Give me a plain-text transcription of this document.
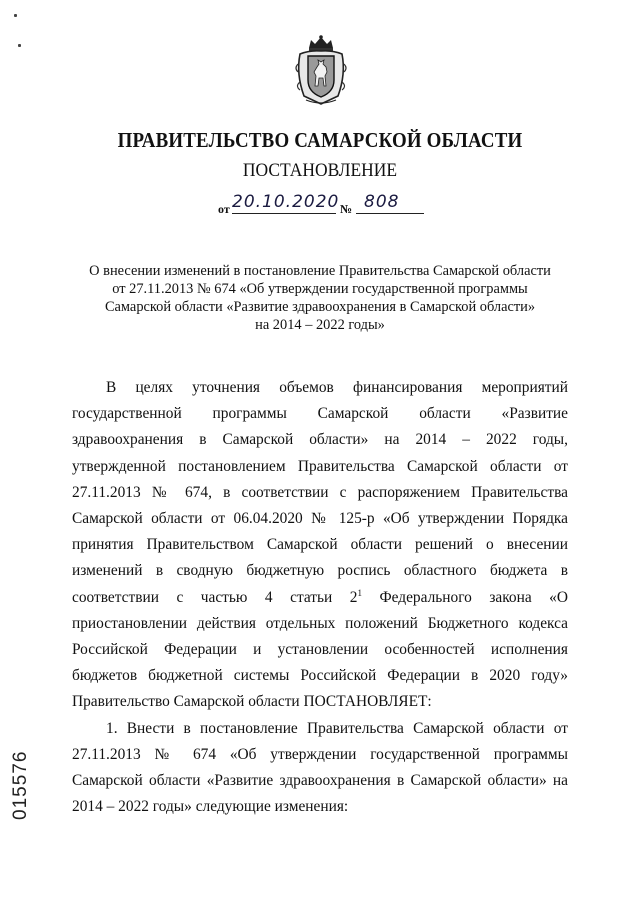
ПРАВИТЕЛЬСТВО САМАРСКОЙ ОБЛАСТИ
ПОСТАНОВЛЕНИЕ
от 20.10.2020 № 808
О внесении изменений в постановление Правительства Самарской области
от 27.11.2013 № 674 «Об утверждении государственной программы
Самарской области «Развитие здравоохранения в Самарской области»
на 2014 – 2022 годы»

В целях уточнения объемов финансирования мероприятий государственной программы Самарской области «Развитие здравоохранения в Самарской области» на 2014 – 2022 годы, утвержденной постановлением Правительства Самарской области от 27.11.2013 № 674, в соответствии с распоряжением Правительства Самарской области от 06.04.2020 № 125-р «Об утверждении Порядка принятия Правительством Самарской области решений о внесении изменений в сводную бюджетную роспись областного бюджета в соответствии с частью 4 статьи $2^1$ Федерального закона «О приостановлении действия отдельных положений Бюджетного кодекса Российской Федерации и установлении особенностей исполнения бюджетов бюджетной системы Российской Федерации в 2020 году» Правительство Самарской области ПОСТАНОВЛЯЕТ:

1. Внести в постановление Правительства Самарской области от 27.11.2013 № 674 «Об утверждении государственной программы Самарской области «Развитие здравоохранения в Самарской области» на 2014 – 2022 годы» следующие изменения:

015576
